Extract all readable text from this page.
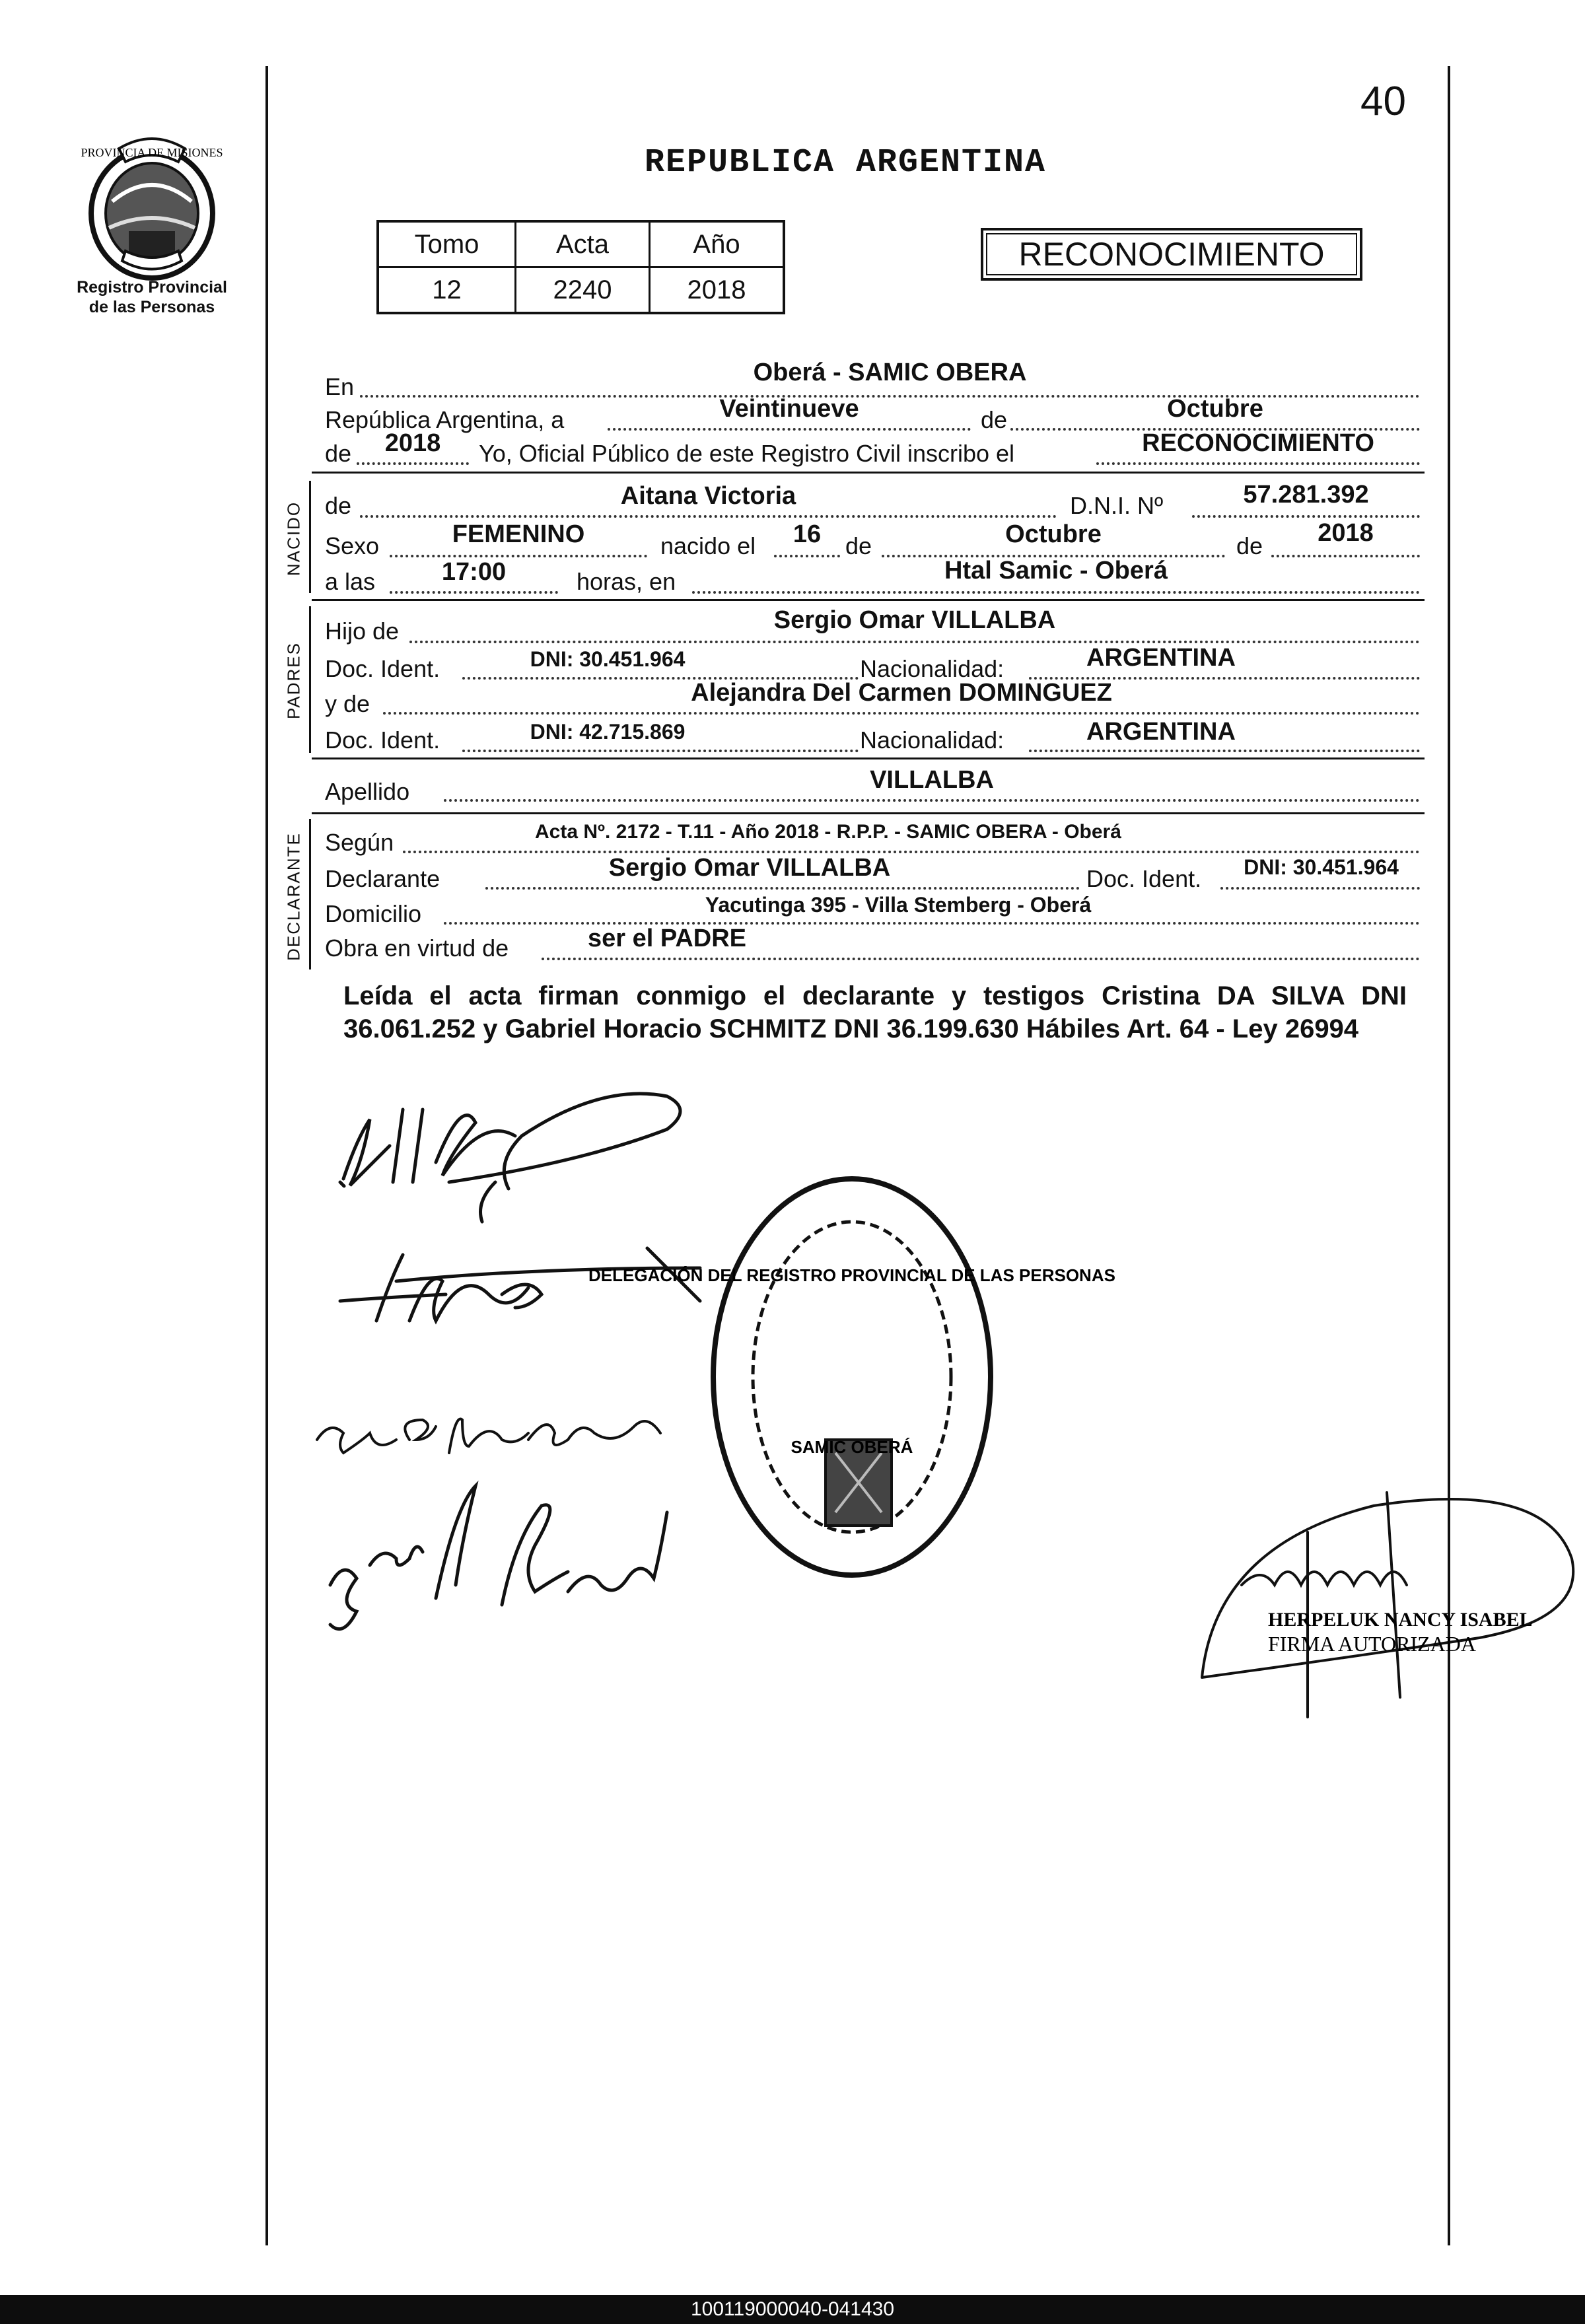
PROVINCIA DE MISIONES
Registro Provincial
de las Personas
40
REPUBLICA ARGENTINA
Tomo	Acta	Año
12	2240	2018
RECONOCIMIENTO
En
Oberá - SAMIC OBERA
República Argentina, a	Veintinueve	de	Octubre
de	2018	Yo, Oficial Público de este Registro Civil inscribo el	RECONOCIMIENTO
NACIDO de	Aitana Victoria	D.N.I. Nº	57.281.392
Sexo	FEMENINO	nacido el	16	de	Octubre	de	2018
a las	17:00	horas, en	Htal Samic - Oberá
PADRES
Hijo de	Sergio Omar VILLALBA
Doc. Ident.	DNI: 30.451.964	Nacionalidad:	ARGENTINA
y de	Alejandra Del Carmen DOMINGUEZ
Doc. Ident.	DNI: 42.715.869	Nacionalidad:	ARGENTINA
Apellido	VILLALBA
DECLARANTE Según	Acta Nº. 2172 - T.11 - Año 2018 - R.P.P. - SAMIC OBERA - Oberá
Declarante	Sergio Omar VILLALBA	Doc. Ident.	DNI: 30.451.964
Domicilio	Yacutinga 395 - Villa Stemberg - Oberá
Obra en virtud de	ser el PADRE
Leída el acta firman conmigo el declarante y testigos Cristina DA SILVA DNI 36.061.252 y Gabriel Horacio SCHMITZ DNI 36.199.630 Hábiles Art. 64 - Ley 26994
DELEGACIÓN DEL REGISTRO PROVINCIAL DE LAS PERSONAS
SAMIC OBERÁ
HERPELUK NANCY ISABEL
FIRMA AUTORIZADA
100119000040-041430
